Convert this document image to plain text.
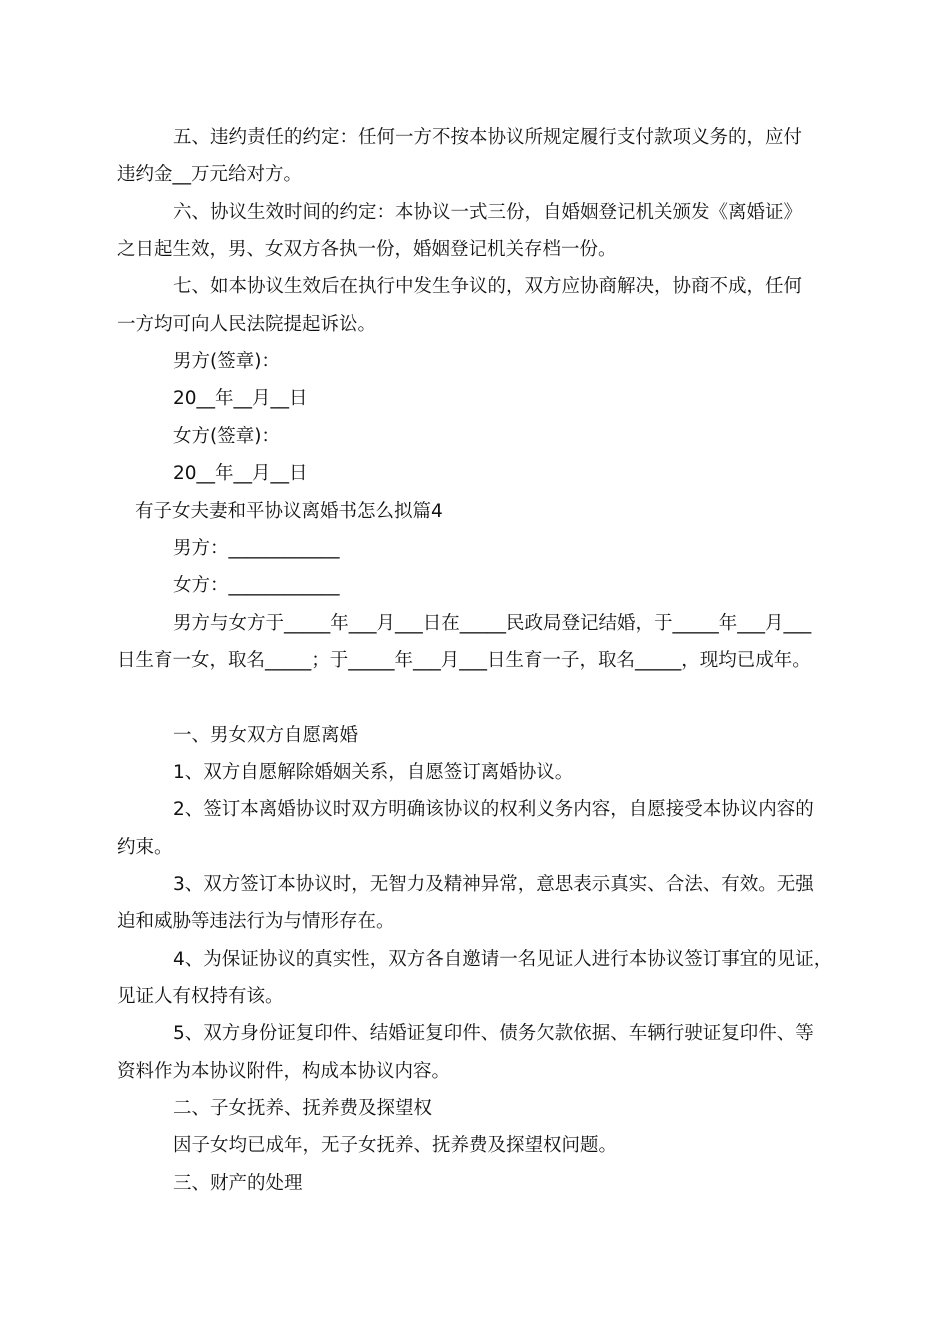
五、违约责任的约定：任何一方不按本协议所规定履行支付款项义务的，应付
违约金__万元给对方。
六、协议生效时间的约定：本协议一式三份，自婚姻登记机关颁发《离婚证》
之日起生效，男、女双方各执一份，婚姻登记机关存档一份。
七、如本协议生效后在执行中发生争议的，双方应协商解决，协商不成，任何
一方均可向人民法院提起诉讼。
男方(签章)：
20__年__月__日
女方(签章)：
20__年__月__日
有子女夫妻和平协议离婚书怎么拟篇4
男方：____________
女方：____________
男方与女方于_____年___月___日在_____民政局登记结婚，于_____年___月___
日生育一女，取名_____；于_____年___月___日生育一子，取名_____，现均已成年。
一、男女双方自愿离婚
1、双方自愿解除婚姻关系，自愿签订离婚协议。
2、签订本离婚协议时双方明确该协议的权利义务内容，自愿接受本协议内容的
约束。
3、双方签订本协议时，无智力及精神异常，意思表示真实、合法、有效。无强
迫和威胁等违法行为与情形存在。
4、为保证协议的真实性，双方各自邀请一名见证人进行本协议签订事宜的见证，
见证人有权持有该。
5、双方身份证复印件、结婚证复印件、债务欠款依据、车辆行驶证复印件、等
资料作为本协议附件，构成本协议内容。
二、子女抚养、抚养费及探望权
因子女均已成年，无子女抚养、抚养费及探望权问题。
三、财产的处理
